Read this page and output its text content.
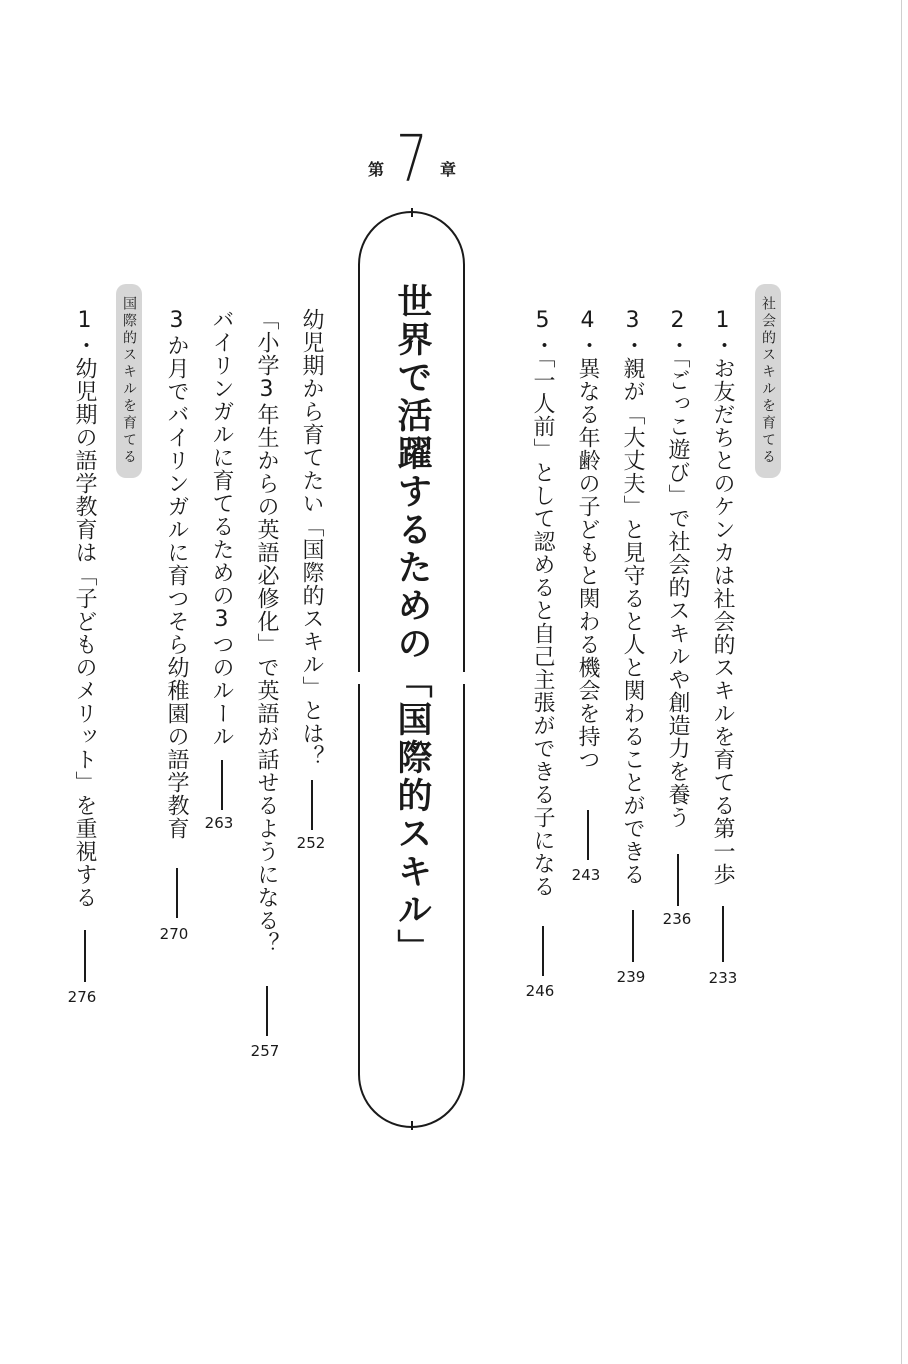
第 7 章
世界で活躍するための「国際的スキル」	社会的スキルを育てる
1・お友だちとのケンカは社会的スキルを育てる第一歩
233
2・「ごっこ遊び」で社会的スキルや創造力を養う
236
3・親が「大丈夫」と見守ると人と関わることができる
239
4・異なる年齢の子どもと関わる機会を持つ
243
5・「一人前」として認めると自己主張ができる子になる
246
幼児期から育てたい「国際的スキル」とは？
252
「小学3年生からの英語必修化」で英語が話せるようになる？
257
バイリンガルに育てるための3つのルール
263
3か月でバイリンガルに育つそら幼稚園の語学教育
270
国際的スキルを育てる
1・幼児期の語学教育は「子どものメリット」を重視する
276
